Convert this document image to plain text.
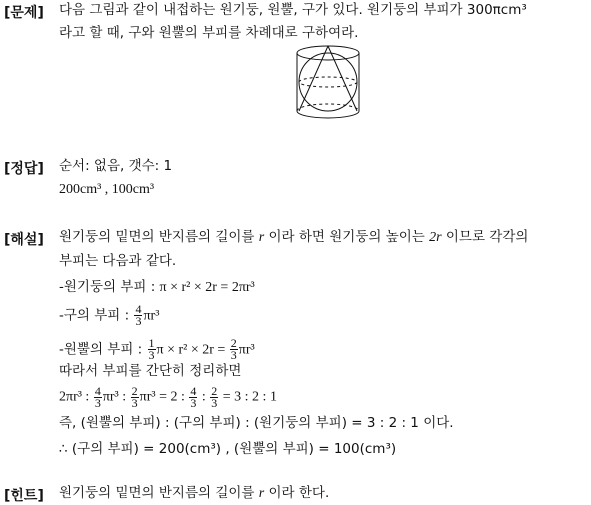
[문제] 다음 그림과 같이 내접하는 원기둥, 원뿔, 구가 있다. 원기둥의 부피가 300πcm³
라고 할 때, 구와 원뿔의 부피를 차례대로 구하여라.
[정답] 순서: 없음, 갯수: 1
200cm³ , 100cm³
[해설] 원기둥의 밑면의 반지름의 길이를 r 이라 하면 원기둥의 높이는 2r 이므로 각각의
부피는 다음과 같다.
-원기둥의 부피 : π × r² × 2r = 2πr³
-구의 부피 : $\frac{4}{3} \pi r^3$
-원뿔의 부피 : $\frac{1}{3}$ $\pi \times r^2 \times 2r = \frac{2}{3} \pi r^3$
따라서 부피를 간단히 정리하면
2πr³ : $\frac{4}{3} \pi r^3$ : $\frac{2}{3} \pi r^3 = 2$ : $\frac{4}{3}$ : $\frac{2}{3} = 3$ : 2 : 1
즉, (원뿔의 부피) : (구의 부피) : (원기둥의 부피) = 3 : 2 : 1 이다.
∴ (구의 부피) = 200(cm³) , (원뿔의 부피) = 100(cm³)
[힌트] 원기둥의 밑면의 반지름의 길이를 r 이라 한다.
